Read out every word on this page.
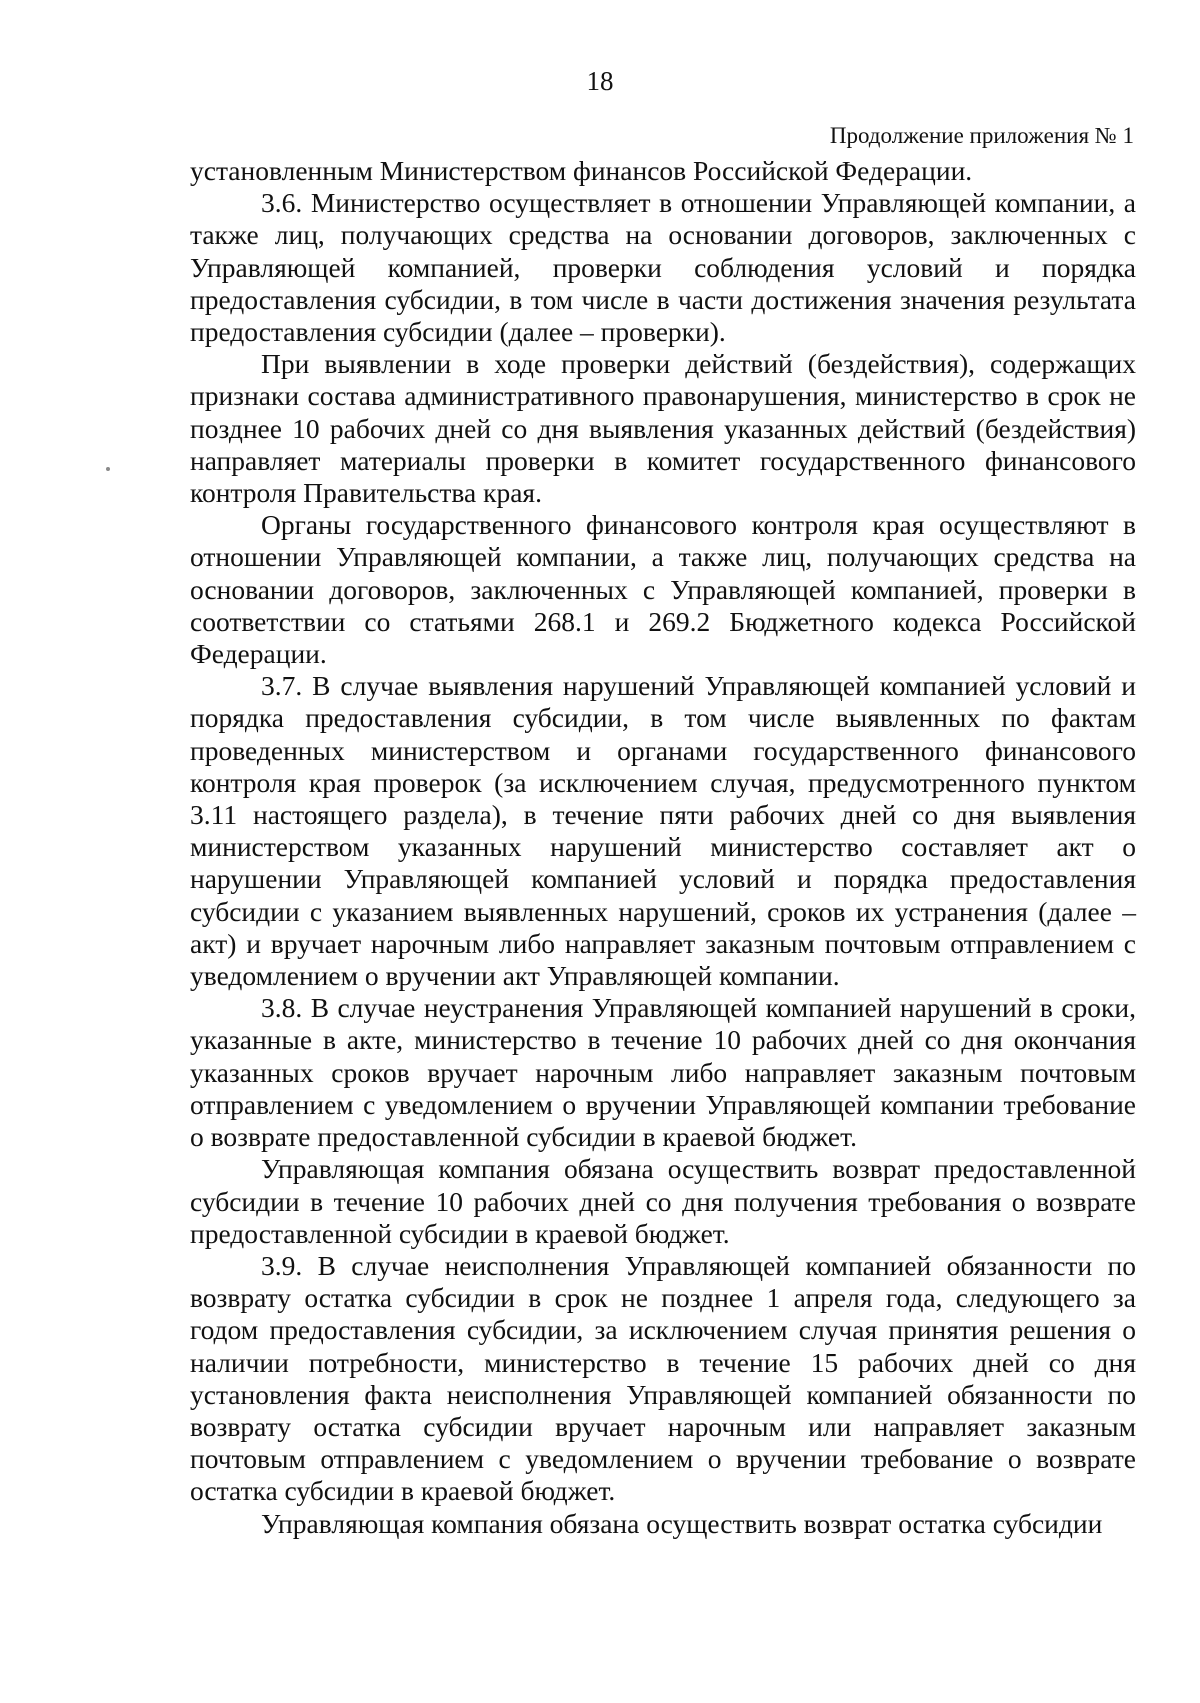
18
Продолжение приложения № 1

установленным Министерством финансов Российской Федерации.

3.6. Министерство осуществляет в отношении Управляющей компании, а также лиц, получающих средства на основании договоров, заключенных с Управляющей компанией, проверки соблюдения условий и порядка предоставления субсидии, в том числе в части достижения значения результата предоставления субсидии (далее – проверки).

При выявлении в ходе проверки действий (бездействия), содержащих признаки состава административного правонарушения, министерство в срок не позднее 10 рабочих дней со дня выявления указанных действий (бездействия) направляет материалы проверки в комитет государственного финансового контроля Правительства края.

Органы государственного финансового контроля края осуществляют в отношении Управляющей компании, а также лиц, получающих средства на основании договоров, заключенных с Управляющей компанией, проверки в соответствии со статьями 268.1 и 269.2 Бюджетного кодекса Российской Федерации.

3.7. В случае выявления нарушений Управляющей компанией условий и порядка предоставления субсидии, в том числе выявленных по фактам проведенных министерством и органами государственного финансового контроля края проверок (за исключением случая, предусмотренного пунктом 3.11 настоящего раздела), в течение пяти рабочих дней со дня выявления министерством указанных нарушений министерство составляет акт о нарушении Управляющей компанией условий и порядка предоставления субсидии с указанием выявленных нарушений, сроков их устранения (далее – акт) и вручает нарочным либо направляет заказным почтовым отправлением с уведомлением о вручении акт Управляющей компании.

3.8. В случае неустранения Управляющей компанией нарушений в сроки, указанные в акте, министерство в течение 10 рабочих дней со дня окончания указанных сроков вручает нарочным либо направляет заказным почтовым отправлением с уведомлением о вручении Управляющей компании требование о возврате предоставленной субсидии в краевой бюджет.

Управляющая компания обязана осуществить возврат предоставленной субсидии в течение 10 рабочих дней со дня получения требования о возврате предоставленной субсидии в краевой бюджет.

3.9. В случае неисполнения Управляющей компанией обязанности по возврату остатка субсидии в срок не позднее 1 апреля года, следующего за годом предоставления субсидии, за исключением случая принятия решения о наличии потребности, министерство в течение 15 рабочих дней со дня установления факта неисполнения Управляющей компанией обязанности по возврату остатка субсидии вручает нарочным или направляет заказным почтовым отправлением с уведомлением о вручении требование о возврате остатка субсидии в краевой бюджет.

Управляющая компания обязана осуществить возврат остатка субсидии
